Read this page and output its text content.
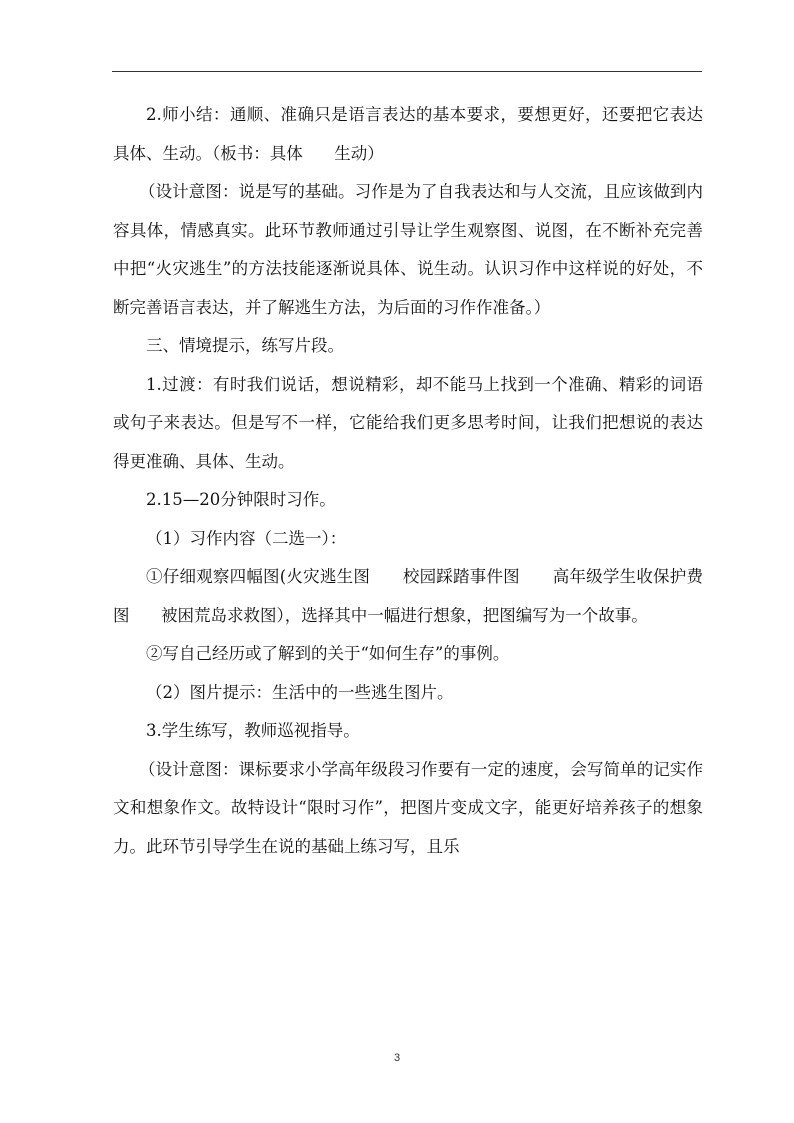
2.师小结：通顺、准确只是语言表达的基本要求，要想更好，还要把它表达具体、生动。（板书：具体      生动）

（设计意图：说是写的基础。习作是为了自我表达和与人交流，且应该做到内容具体，情感真实。此环节教师通过引导让学生观察图、说图，在不断补充完善中把“火灾逃生”的方法技能逐渐说具体、说生动。认识习作中这样说的好处，不断完善语言表达，并了解逃生方法，为后面的习作作准备。）

三、情境提示，练写片段。

1.过渡：有时我们说话，想说精彩，却不能马上找到一个准确、精彩的词语或句子来表达。但是写不一样，它能给我们更多思考时间，让我们把想说的表达得更准确、具体、生动。

2.15—20分钟限时习作。

（1）习作内容（二选一）：

①仔细观察四幅图(火灾逃生图      校园踩踏事件图      高年级学生收保护费图      被困荒岛求救图），选择其中一幅进行想象，把图编写为一个故事。

②写自己经历或了解到的关于“如何生存”的事例。

（2）图片提示：生活中的一些逃生图片。

3.学生练写，教师巡视指导。

（设计意图：课标要求小学高年级段习作要有一定的速度，会写简单的记实作文和想象作文。故特设计“限时习作”，把图片变成文字，能更好培养孩子的想象力。此环节引导学生在说的基础上练习写，且乐

3
